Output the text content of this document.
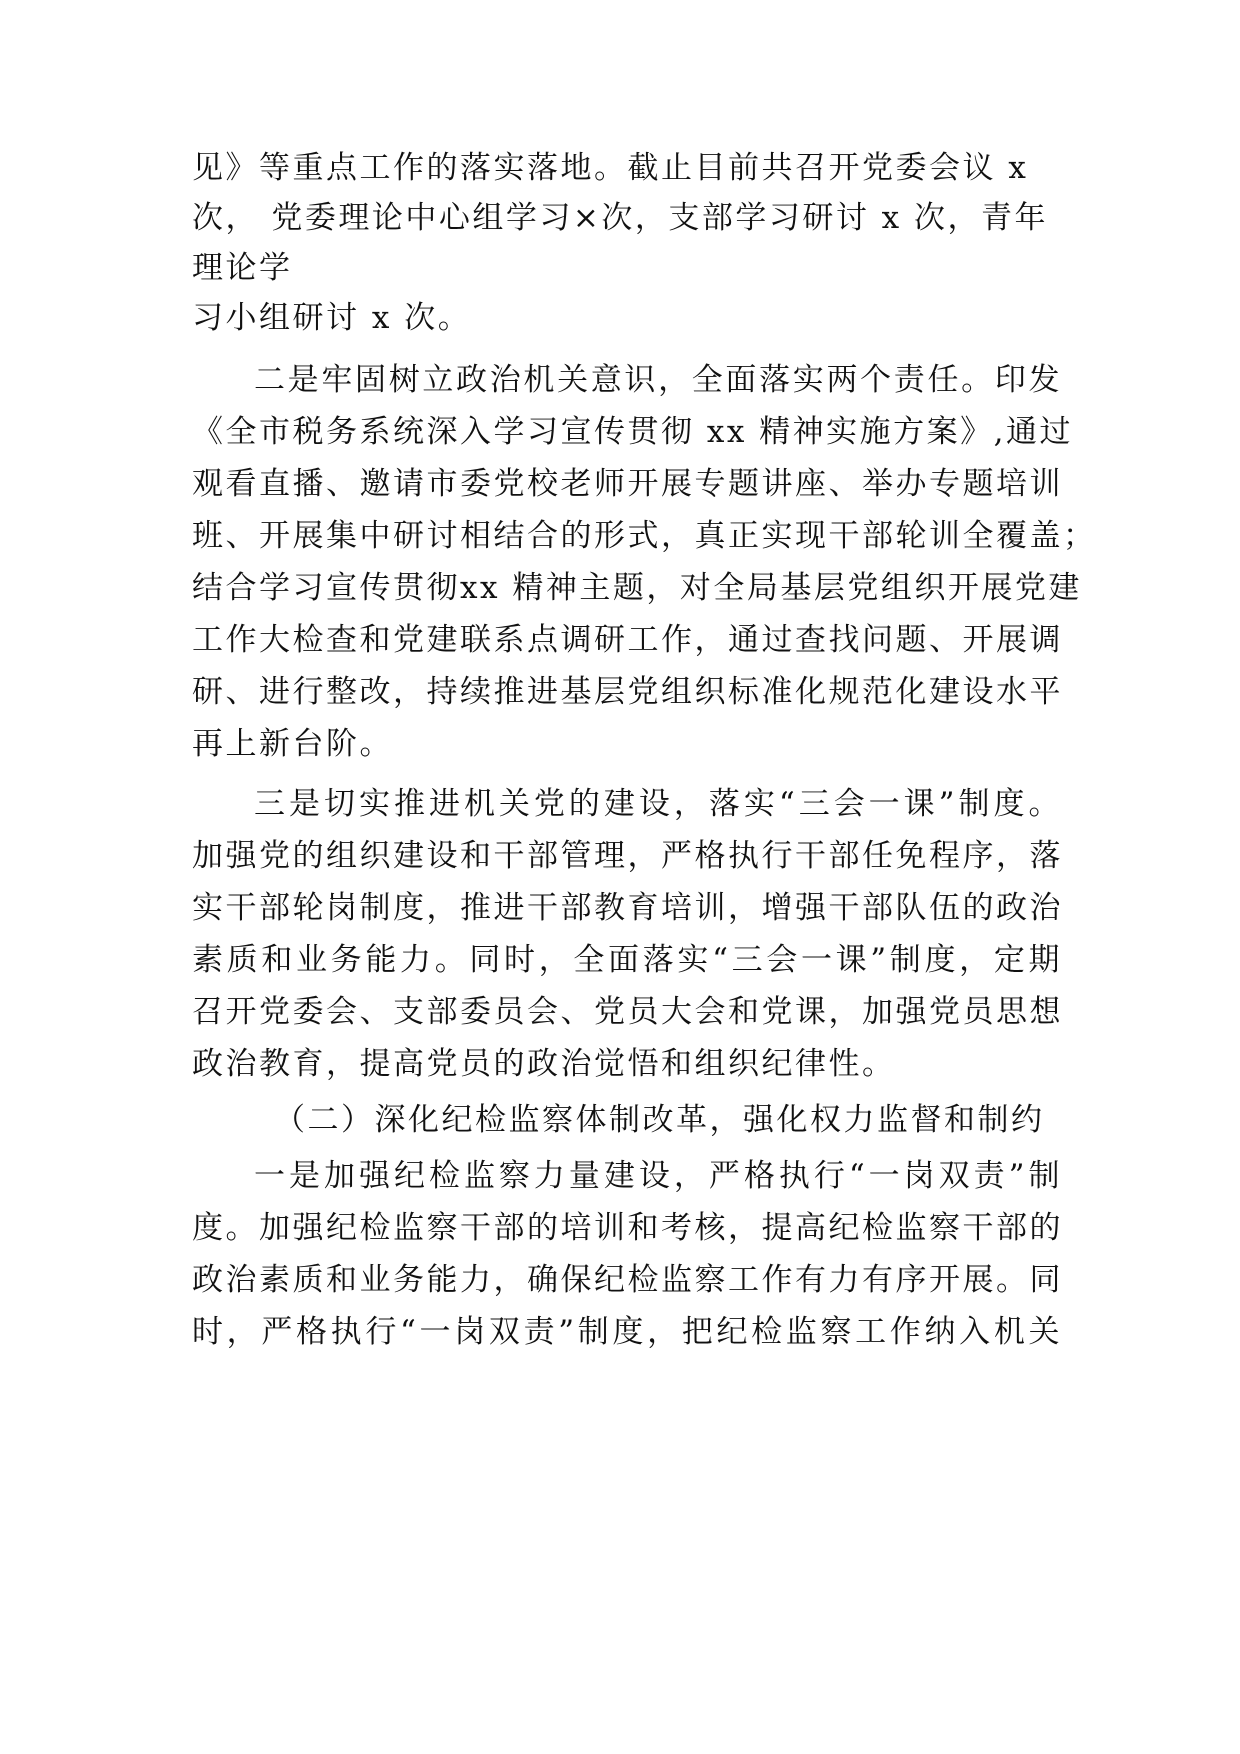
见》等重点工作的落实落地。截止目前共召开党委会议 x
次， 党委理论中心组学习×次，支部学习研讨 x 次，青年
理论学
习小组研讨 x 次。
二是牢固树立政治机关意识，全面落实两个责任。印发
《全市税务系统深入学习宣传贯彻 xx 精神实施方案》,通过
观看直播、邀请市委党校老师开展专题讲座、举办专题培训
班、开展集中研讨相结合的形式，真正实现干部轮训全覆盖；
结合学习宣传贯彻xx 精神主题，对全局基层党组织开展党建
工作大检查和党建联系点调研工作，通过查找问题、开展调
研、进行整改，持续推进基层党组织标准化规范化建设水平
再上新台阶。
三是切实推进机关党的建设，落实“三会一课”制度。
加强党的组织建设和干部管理，严格执行干部任免程序，落
实干部轮岗制度，推进干部教育培训，增强干部队伍的政治
素质和业务能力。同时，全面落实“三会一课”制度，定期
召开党委会、支部委员会、党员大会和党课，加强党员思想
政治教育，提高党员的政治觉悟和组织纪律性。
（二）深化纪检监察体制改革，强化权力监督和制约
一是加强纪检监察力量建设，严格执行“一岗双责”制
度。加强纪检监察干部的培训和考核，提高纪检监察干部的
政治素质和业务能力，确保纪检监察工作有力有序开展。同
时，严格执行“一岗双责”制度，把纪检监察工作纳入机关
